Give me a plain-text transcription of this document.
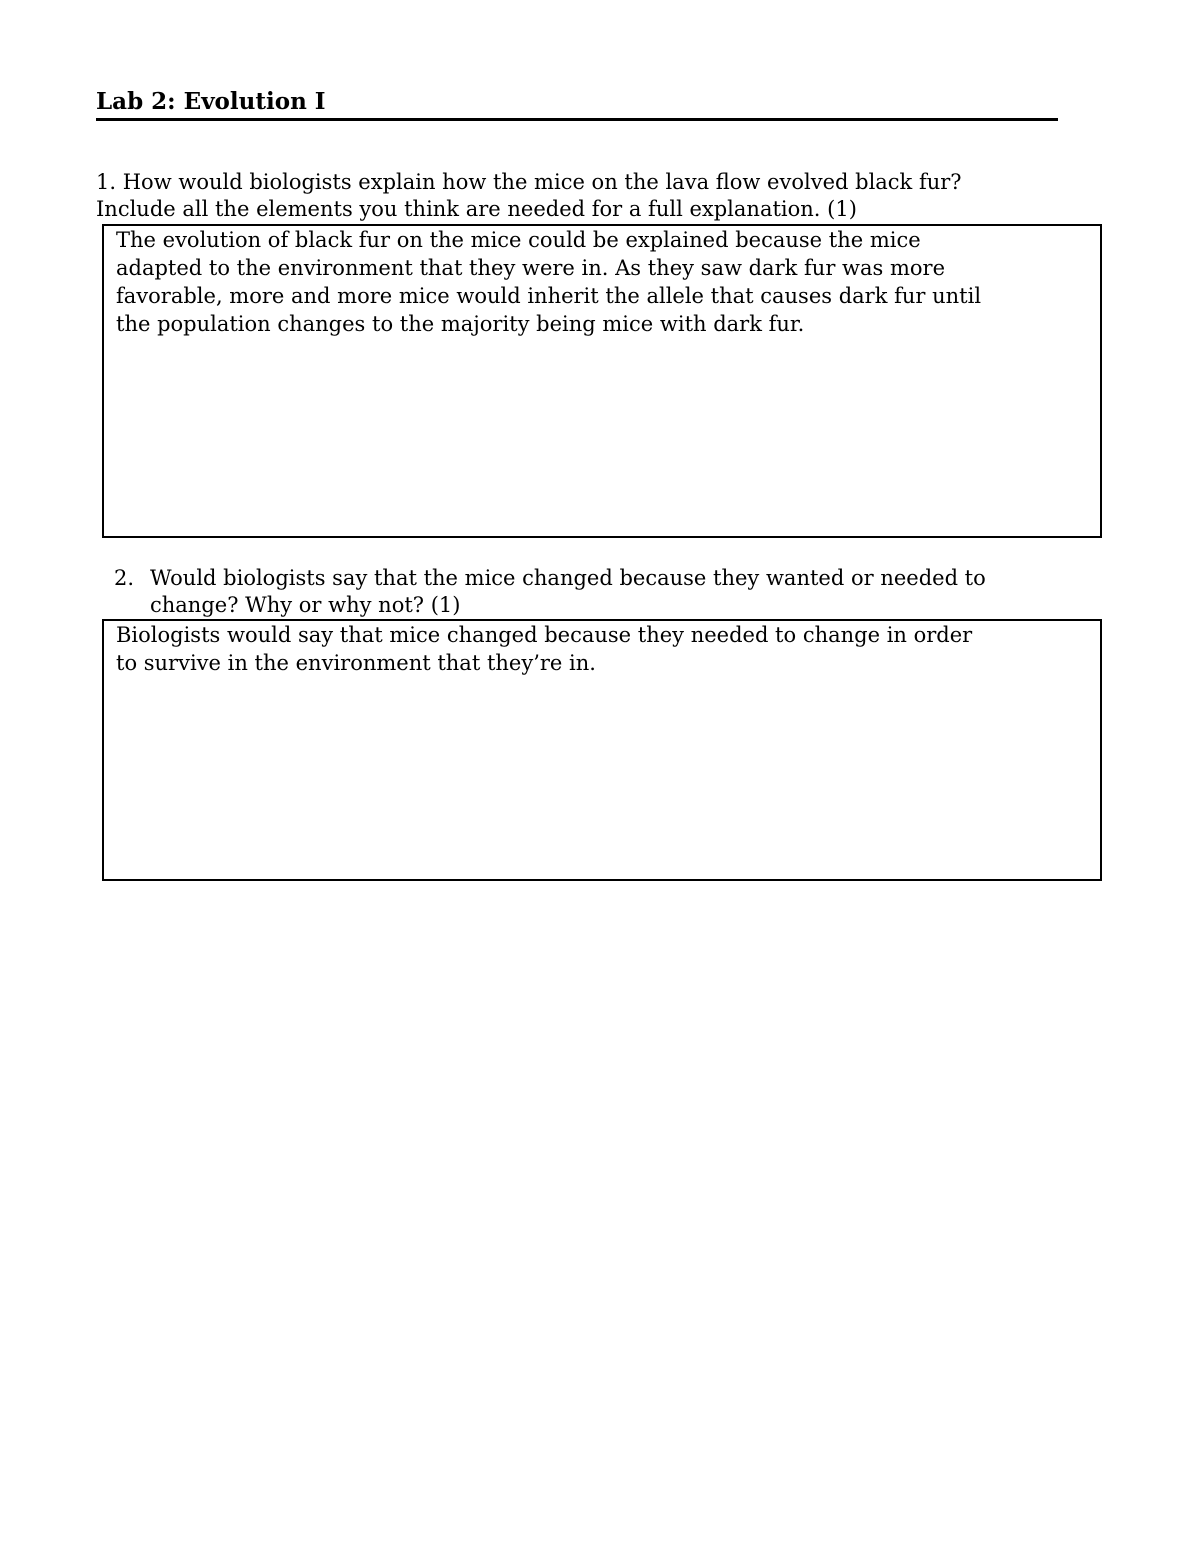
Lab 2: Evolution I
1. How would biologists explain how the mice on the lava flow evolved black fur?
Include all the elements you think are needed for a full explanation. (1)
The evolution of black fur on the mice could be explained because the mice
adapted to the environment that they were in. As they saw dark fur was more
favorable, more and more mice would inherit the allele that causes dark fur until
the population changes to the majority being mice with dark fur.
2. Would biologists say that the mice changed because they wanted or needed to
change? Why or why not? (1)
Biologists would say that mice changed because they needed to change in order
to survive in the environment that they’re in.
